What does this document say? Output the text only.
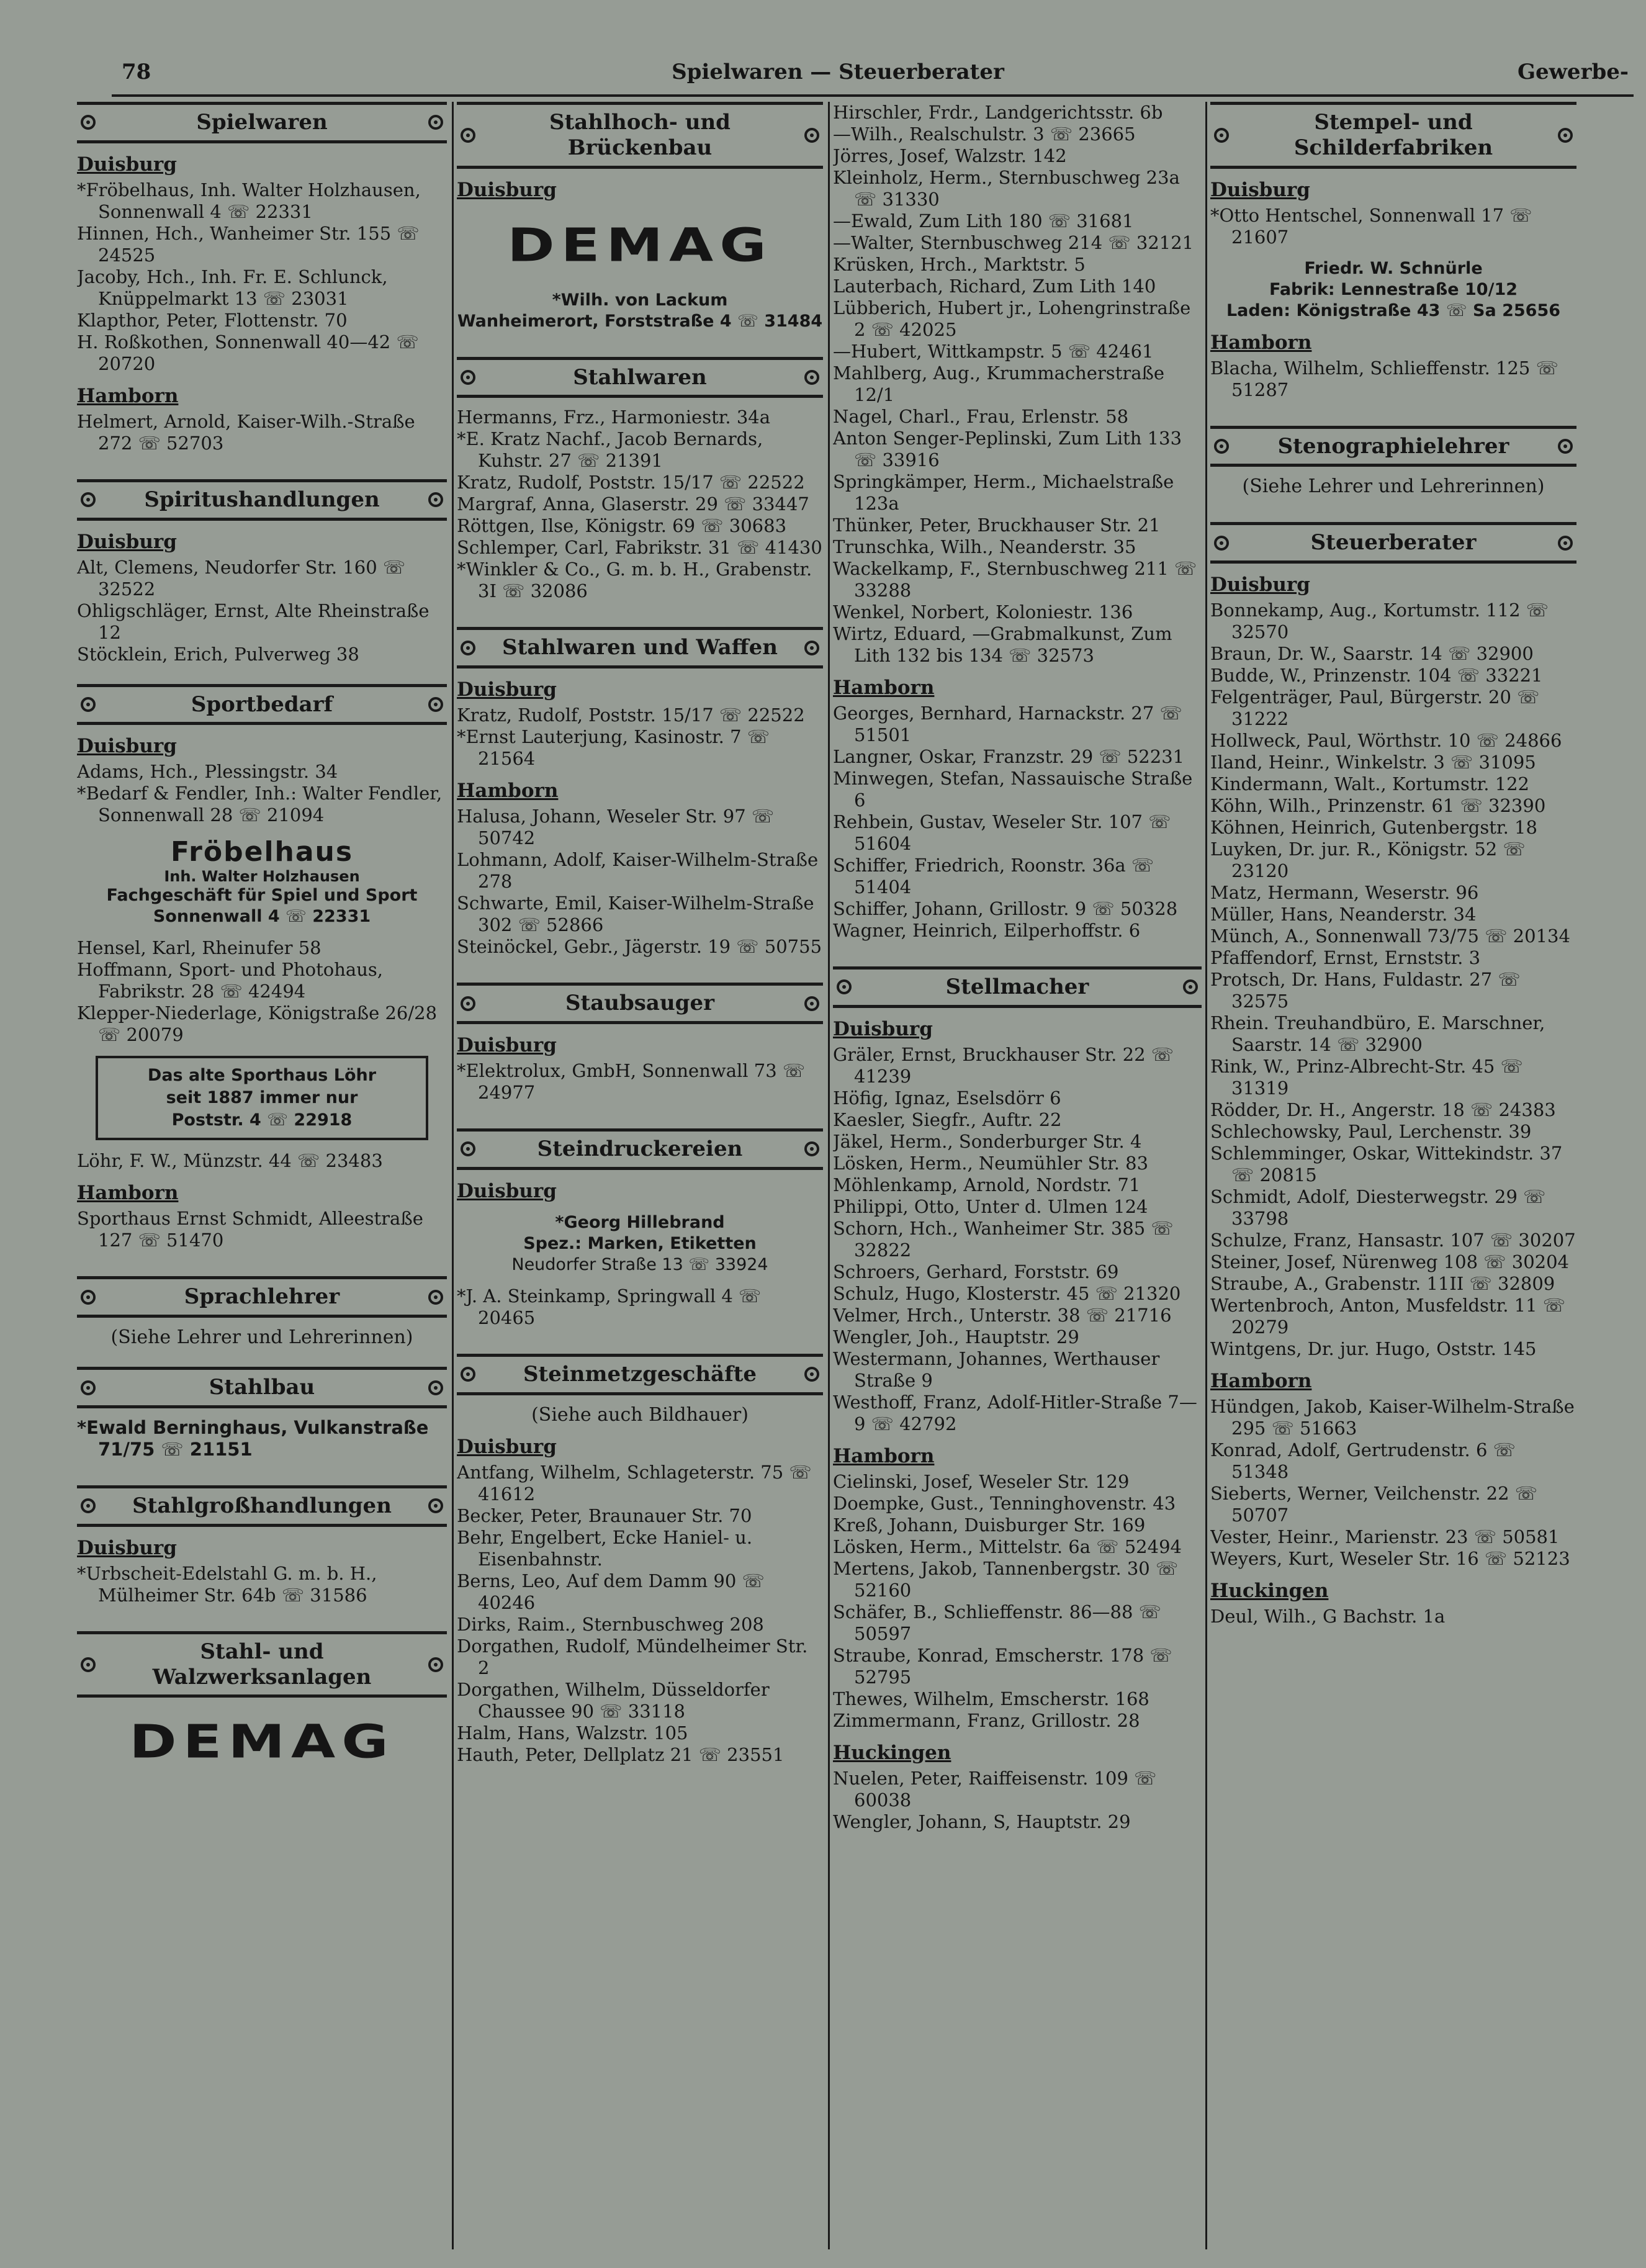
78	Spielwaren — Steuerberater	Gewerbe-
Spielwaren
Duisburg
*Fröbelhaus, Inh. Walter Holzhausen, Sonnenwall 4 ☏ 22331
Hinnen, Hch., Wanheimer Str. 155 ☏ 24525
Jacoby, Hch., Inh. Fr. E. Schlunck, Knüppelmarkt 13 ☏ 23031
Klapthor, Peter, Flottenstr. 70
H. Roßkothen, Sonnenwall 40—42 ☏ 20720
Hamborn
Helmert, Arnold, Kaiser-Wilh.-Straße 272 ☏ 52703
Spiritushandlungen
Duisburg
Alt, Clemens, Neudorfer Str. 160 ☏ 32522
Ohligschläger, Ernst, Alte Rheinstraße 12
Stöcklein, Erich, Pulverweg 38
Sportbedarf
Duisburg
Adams, Hch., Plessingstr. 34
*Bedarf & Fendler, Inh.: Walter Fendler, Sonnenwall 28 ☏ 21094
Fröbelhaus
Inh. Walter Holzhausen
Fachgeschäft für Spiel und Sport
Sonnenwall 4 ☏ 22331
Hensel, Karl, Rheinufer 58
Hoffmann, Sport- und Photohaus, Fabrikstr. 28 ☏ 42494
Klepper-Niederlage, Königstraße 26/28 ☏ 20079
Das alte Sporthaus Löhr
seit 1887 immer nur
Poststr. 4 ☏ 22918
Löhr, F. W., Münzstr. 44 ☏ 23483
Hamborn
Sporthaus Ernst Schmidt, Alleestraße 127 ☏ 51470
Sprachlehrer
(Siehe Lehrer und Lehrerinnen)
Stahlbau
*Ewald Berninghaus, Vulkanstraße 71/75 ☏ 21151
Stahlgroßhandlungen
Duisburg
*Urbscheit-Edelstahl G. m. b. H., Mülheimer Str. 64b ☏ 31586
Stahl- und Walzwerksanlagen
DEMAG
Stahlhoch- und Brückenbau
Duisburg
DEMAG
*Wilh. von Lackum
Wanheimerort, Forststraße 4 ☏ 31484
Stahlwaren
Hermanns, Frz., Harmoniestr. 34a
*E. Kratz Nachf., Jacob Bernards, Kuhstr. 27 ☏ 21391
Kratz, Rudolf, Poststr. 15/17 ☏ 22522
Margraf, Anna, Glaserstr. 29 ☏ 33447
Röttgen, Ilse, Königstr. 69 ☏ 30683
Schlemper, Carl, Fabrikstr. 31 ☏ 41430
*Winkler & Co., G. m. b. H., Grabenstr. 3I ☏ 32086
Stahlwaren und Waffen
Duisburg
Kratz, Rudolf, Poststr. 15/17 ☏ 22522
*Ernst Lauterjung, Kasinostr. 7 ☏ 21564
Hamborn
Halusa, Johann, Weseler Str. 97 ☏ 50742
Lohmann, Adolf, Kaiser-Wilhelm-Straße 278
Schwarte, Emil, Kaiser-Wilhelm-Straße 302 ☏ 52866
Steinöckel, Gebr., Jägerstr. 19 ☏ 50755
Staubsauger
Duisburg
*Elektrolux, GmbH, Sonnenwall 73 ☏ 24977
Steindruckereien
Duisburg
*Georg Hillebrand
Spez.: Marken, Etiketten
Neudorfer Straße 13 ☏ 33924
*J. A. Steinkamp, Springwall 4 ☏ 20465
Steinmetzgeschäfte
(Siehe auch Bildhauer)
Duisburg
Antfang, Wilhelm, Schlageterstr. 75 ☏ 41612
Becker, Peter, Braunauer Str. 70
Behr, Engelbert, Ecke Haniel- u. Eisenbahnstr.
Berns, Leo, Auf dem Damm 90 ☏ 40246
Dirks, Raim., Sternbuschweg 208
Dorgathen, Rudolf, Mündelheimer Str. 2
Dorgathen, Wilhelm, Düsseldorfer Chaussee 90 ☏ 33118
Halm, Hans, Walzstr. 105
Hauth, Peter, Dellplatz 21 ☏ 23551
Hirschler, Frdr., Landgerichtsstr. 6b
—Wilh., Realschulstr. 3 ☏ 23665
Jörres, Josef, Walzstr. 142
Kleinholz, Herm., Sternbuschweg 23a ☏ 31330
—Ewald, Zum Lith 180 ☏ 31681
—Walter, Sternbuschweg 214 ☏ 32121
Krüsken, Hrch., Marktstr. 5
Lauterbach, Richard, Zum Lith 140
Lübberich, Hubert jr., Lohengrinstraße 2 ☏ 42025
—Hubert, Wittkampstr. 5 ☏ 42461
Mahlberg, Aug., Krummacherstraße 12/1
Nagel, Charl., Frau, Erlenstr. 58
Anton Senger-Peplinski, Zum Lith 133 ☏ 33916
Springkämper, Herm., Michaelstraße 123a
Thünker, Peter, Bruckhauser Str. 21
Trunschka, Wilh., Neanderstr. 35
Wackelkamp, F., Sternbuschweg 211 ☏ 33288
Wenkel, Norbert, Koloniestr. 136
Wirtz, Eduard, —Grabmalkunst, Zum Lith 132 bis 134 ☏ 32573
Hamborn
Georges, Bernhard, Harnackstr. 27 ☏ 51501
Langner, Oskar, Franzstr. 29 ☏ 52231
Minwegen, Stefan, Nassauische Straße 6
Rehbein, Gustav, Weseler Str. 107 ☏ 51604
Schiffer, Friedrich, Roonstr. 36a ☏ 51404
Schiffer, Johann, Grillostr. 9 ☏ 50328
Wagner, Heinrich, Eilperhoffstr. 6
Stellmacher
Duisburg
Gräler, Ernst, Bruckhauser Str. 22 ☏ 41239
Höfig, Ignaz, Eselsdörr 6
Kaesler, Siegfr., Auftr. 22
Jäkel, Herm., Sonderburger Str. 4
Lösken, Herm., Neumühler Str. 83
Möhlenkamp, Arnold, Nordstr. 71
Philippi, Otto, Unter d. Ulmen 124
Schorn, Hch., Wanheimer Str. 385 ☏ 32822
Schroers, Gerhard, Forststr. 69
Schulz, Hugo, Klosterstr. 45 ☏ 21320
Velmer, Hrch., Unterstr. 38 ☏ 21716
Wengler, Joh., Hauptstr. 29
Westermann, Johannes, Werthauser Straße 9
Westhoff, Franz, Adolf-Hitler-Straße 7—9 ☏ 42792
Hamborn
Cielinski, Josef, Weseler Str. 129
Doempke, Gust., Tenninghovenstr. 43
Kreß, Johann, Duisburger Str. 169
Lösken, Herm., Mittelstr. 6a ☏ 52494
Mertens, Jakob, Tannenbergstr. 30 ☏ 52160
Schäfer, B., Schlieffenstr. 86—88 ☏ 50597
Straube, Konrad, Emscherstr. 178 ☏ 52795
Thewes, Wilhelm, Emscherstr. 168
Zimmermann, Franz, Grillostr. 28
Huckingen
Nuelen, Peter, Raiffeisenstr. 109 ☏ 60038
Wengler, Johann, S, Hauptstr. 29
Stempel- und
Schilderfabriken
Duisburg
*Otto Hentschel, Sonnenwall 17 ☏ 21607
Friedr. W. Schnürle
Fabrik: Lennestraße 10/12
Laden: Königstraße 43 ☏ Sa 25656
Hamborn
Blacha, Wilhelm, Schlieffenstr. 125 ☏ 51287
Stenographielehrer
(Siehe Lehrer und Lehrerinnen)
Steuerberater
Duisburg
Bonnekamp, Aug., Kortumstr. 112 ☏ 32570
Braun, Dr. W., Saarstr. 14 ☏ 32900
Budde, W., Prinzenstr. 104 ☏ 33221
Felgenträger, Paul, Bürgerstr. 20 ☏ 31222
Hollweck, Paul, Wörthstr. 10 ☏ 24866
Iland, Heinr., Winkelstr. 3 ☏ 31095
Kindermann, Walt., Kortumstr. 122
Köhn, Wilh., Prinzenstr. 61 ☏ 32390
Köhnen, Heinrich, Gutenbergstr. 18
Luyken, Dr. jur. R., Königstr. 52 ☏ 23120
Matz, Hermann, Weserstr. 96
Müller, Hans, Neanderstr. 34
Münch, A., Sonnenwall 73/75 ☏ 20134
Pfaffendorf, Ernst, Ernststr. 3
Protsch, Dr. Hans, Fuldastr. 27 ☏ 32575
Rhein. Treuhandbüro, E. Marschner, Saarstr. 14 ☏ 32900
Rink, W., Prinz-Albrecht-Str. 45 ☏ 31319
Rödder, Dr. H., Angerstr. 18 ☏ 24383
Schlechowsky, Paul, Lerchenstr. 39
Schlemminger, Oskar, Wittekindstr. 37 ☏ 20815
Schmidt, Adolf, Diesterwegstr. 29 ☏ 33798
Schulze, Franz, Hansastr. 107 ☏ 30207
Steiner, Josef, Nürenweg 108 ☏ 30204
Straube, A., Grabenstr. 11II ☏ 32809
Wertenbroch, Anton, Musfeldstr. 11 ☏ 20279
Wintgens, Dr. jur. Hugo, Oststr. 145
Hamborn
Hündgen, Jakob, Kaiser-Wilhelm-Straße 295 ☏ 51663
Konrad, Adolf, Gertrudenstr. 6 ☏ 51348
Sieberts, Werner, Veilchenstr. 22 ☏ 50707
Vester, Heinr., Marienstr. 23 ☏ 50581
Weyers, Kurt, Weseler Str. 16 ☏ 52123
Huckingen
Deul, Wilh., G Bachstr. 1a
